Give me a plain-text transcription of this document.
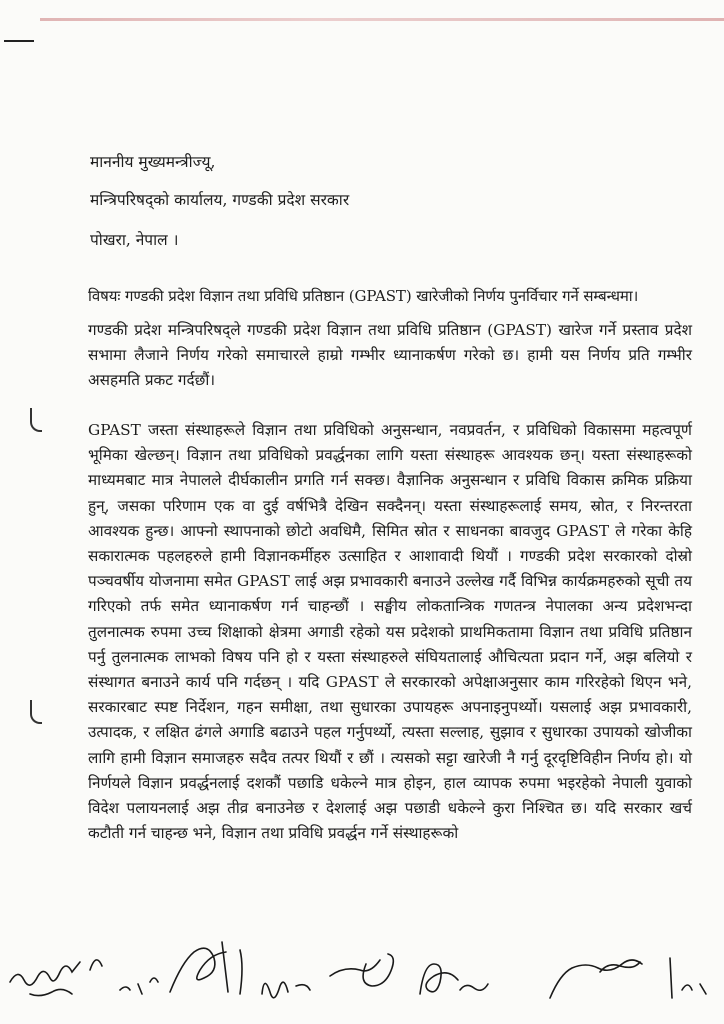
माननीय मुख्यमन्त्रीज्यू,
मन्त्रिपरिषद्को कार्यालय, गण्डकी प्रदेश सरकार
पोखरा, नेपाल ।
विषयः गण्डकी प्रदेश विज्ञान तथा प्रविधि प्रतिष्ठान (GPAST) खारेजीको निर्णय पुनर्विचार गर्ने सम्बन्धमा।
गण्डकी प्रदेश मन्त्रिपरिषद्ले गण्डकी प्रदेश विज्ञान तथा प्रविधि प्रतिष्ठान (GPAST) खारेज गर्ने प्रस्ताव प्रदेश सभामा लैजाने निर्णय गरेको समाचारले हाम्रो गम्भीर ध्यानाकर्षण गरेको छ। हामी यस निर्णय प्रति गम्भीर असहमति प्रकट गर्दछौं।
GPAST जस्ता संस्थाहरूले विज्ञान तथा प्रविधिको अनुसन्धान, नवप्रवर्तन, र प्रविधिको विकासमा महत्वपूर्ण भूमिका खेल्छन्। विज्ञान तथा प्रविधिको प्रवर्द्धनका लागि यस्ता संस्थाहरू आवश्यक छन्। यस्ता संस्थाहरूको माध्यमबाट मात्र नेपालले दीर्घकालीन प्रगति गर्न सक्छ। वैज्ञानिक अनुसन्धान र प्रविधि विकास क्रमिक प्रक्रिया हुन्, जसका परिणाम एक वा दुई वर्षभित्रै देखिन सक्दैनन्। यस्ता संस्थाहरूलाई समय, स्रोत, र निरन्तरता आवश्यक हुन्छ। आफ्नो स्थापनाको छोटो अवधिमै, सिमित स्रोत र साधनका बावजुद GPAST ले गरेका केहि सकारात्मक पहलहरुले हामी विज्ञानकर्मीहरु उत्साहित र आशावादी थियौं । गण्डकी प्रदेश सरकारको दोस्रो पञ्चवर्षीय योजनामा समेत GPAST लाई अझ प्रभावकारी बनाउने उल्लेख गर्दै विभिन्न कार्यक्रमहरुको सूची तय गरिएको तर्फ समेत ध्यानाकर्षण गर्न चाहन्छौं । सङ्घीय लोकतान्त्रिक गणतन्त्र नेपालका अन्य प्रदेशभन्दा तुलनात्मक रुपमा उच्च शिक्षाको क्षेत्रमा अगाडी रहेको यस प्रदेशको प्राथमिकतामा विज्ञान तथा प्रविधि प्रतिष्ठान पर्नु तुलनात्मक लाभको विषय पनि हो र यस्ता संस्थाहरुले संघियतालाई औचित्यता प्रदान गर्ने, अझ बलियो र संस्थागत बनाउने कार्य पनि गर्दछन् । यदि GPAST ले सरकारको अपेक्षाअनुसार काम गरिरहेको थिएन भने, सरकारबाट स्पष्ट निर्देशन, गहन समीक्षा, तथा सुधारका उपायहरू अपनाइनुपर्थ्यो। यसलाई अझ प्रभावकारी, उत्पादक, र लक्षित ढंगले अगाडि बढाउने पहल गर्नुपर्थ्यो, त्यस्ता सल्लाह, सुझाव र सुधारका उपायको खोजीका लागि हामी विज्ञान समाजहरु सदैव तत्पर थियौं र छौं । त्यसको सट्टा खारेजी नै गर्नु दूरदृष्टिविहीन निर्णय हो। यो निर्णयले विज्ञान प्रवर्द्धनलाई दशकौं पछाडि धकेल्ने मात्र होइन, हाल व्यापक रुपमा भइरहेको नेपाली युवाको विदेश पलायनलाई अझ तीव्र बनाउनेछ र देशलाई अझ पछाडी धकेल्ने कुरा निश्चित छ। यदि सरकार खर्च कटौती गर्न चाहन्छ भने, विज्ञान तथा प्रविधि प्रवर्द्धन गर्ने संस्थाहरूको
